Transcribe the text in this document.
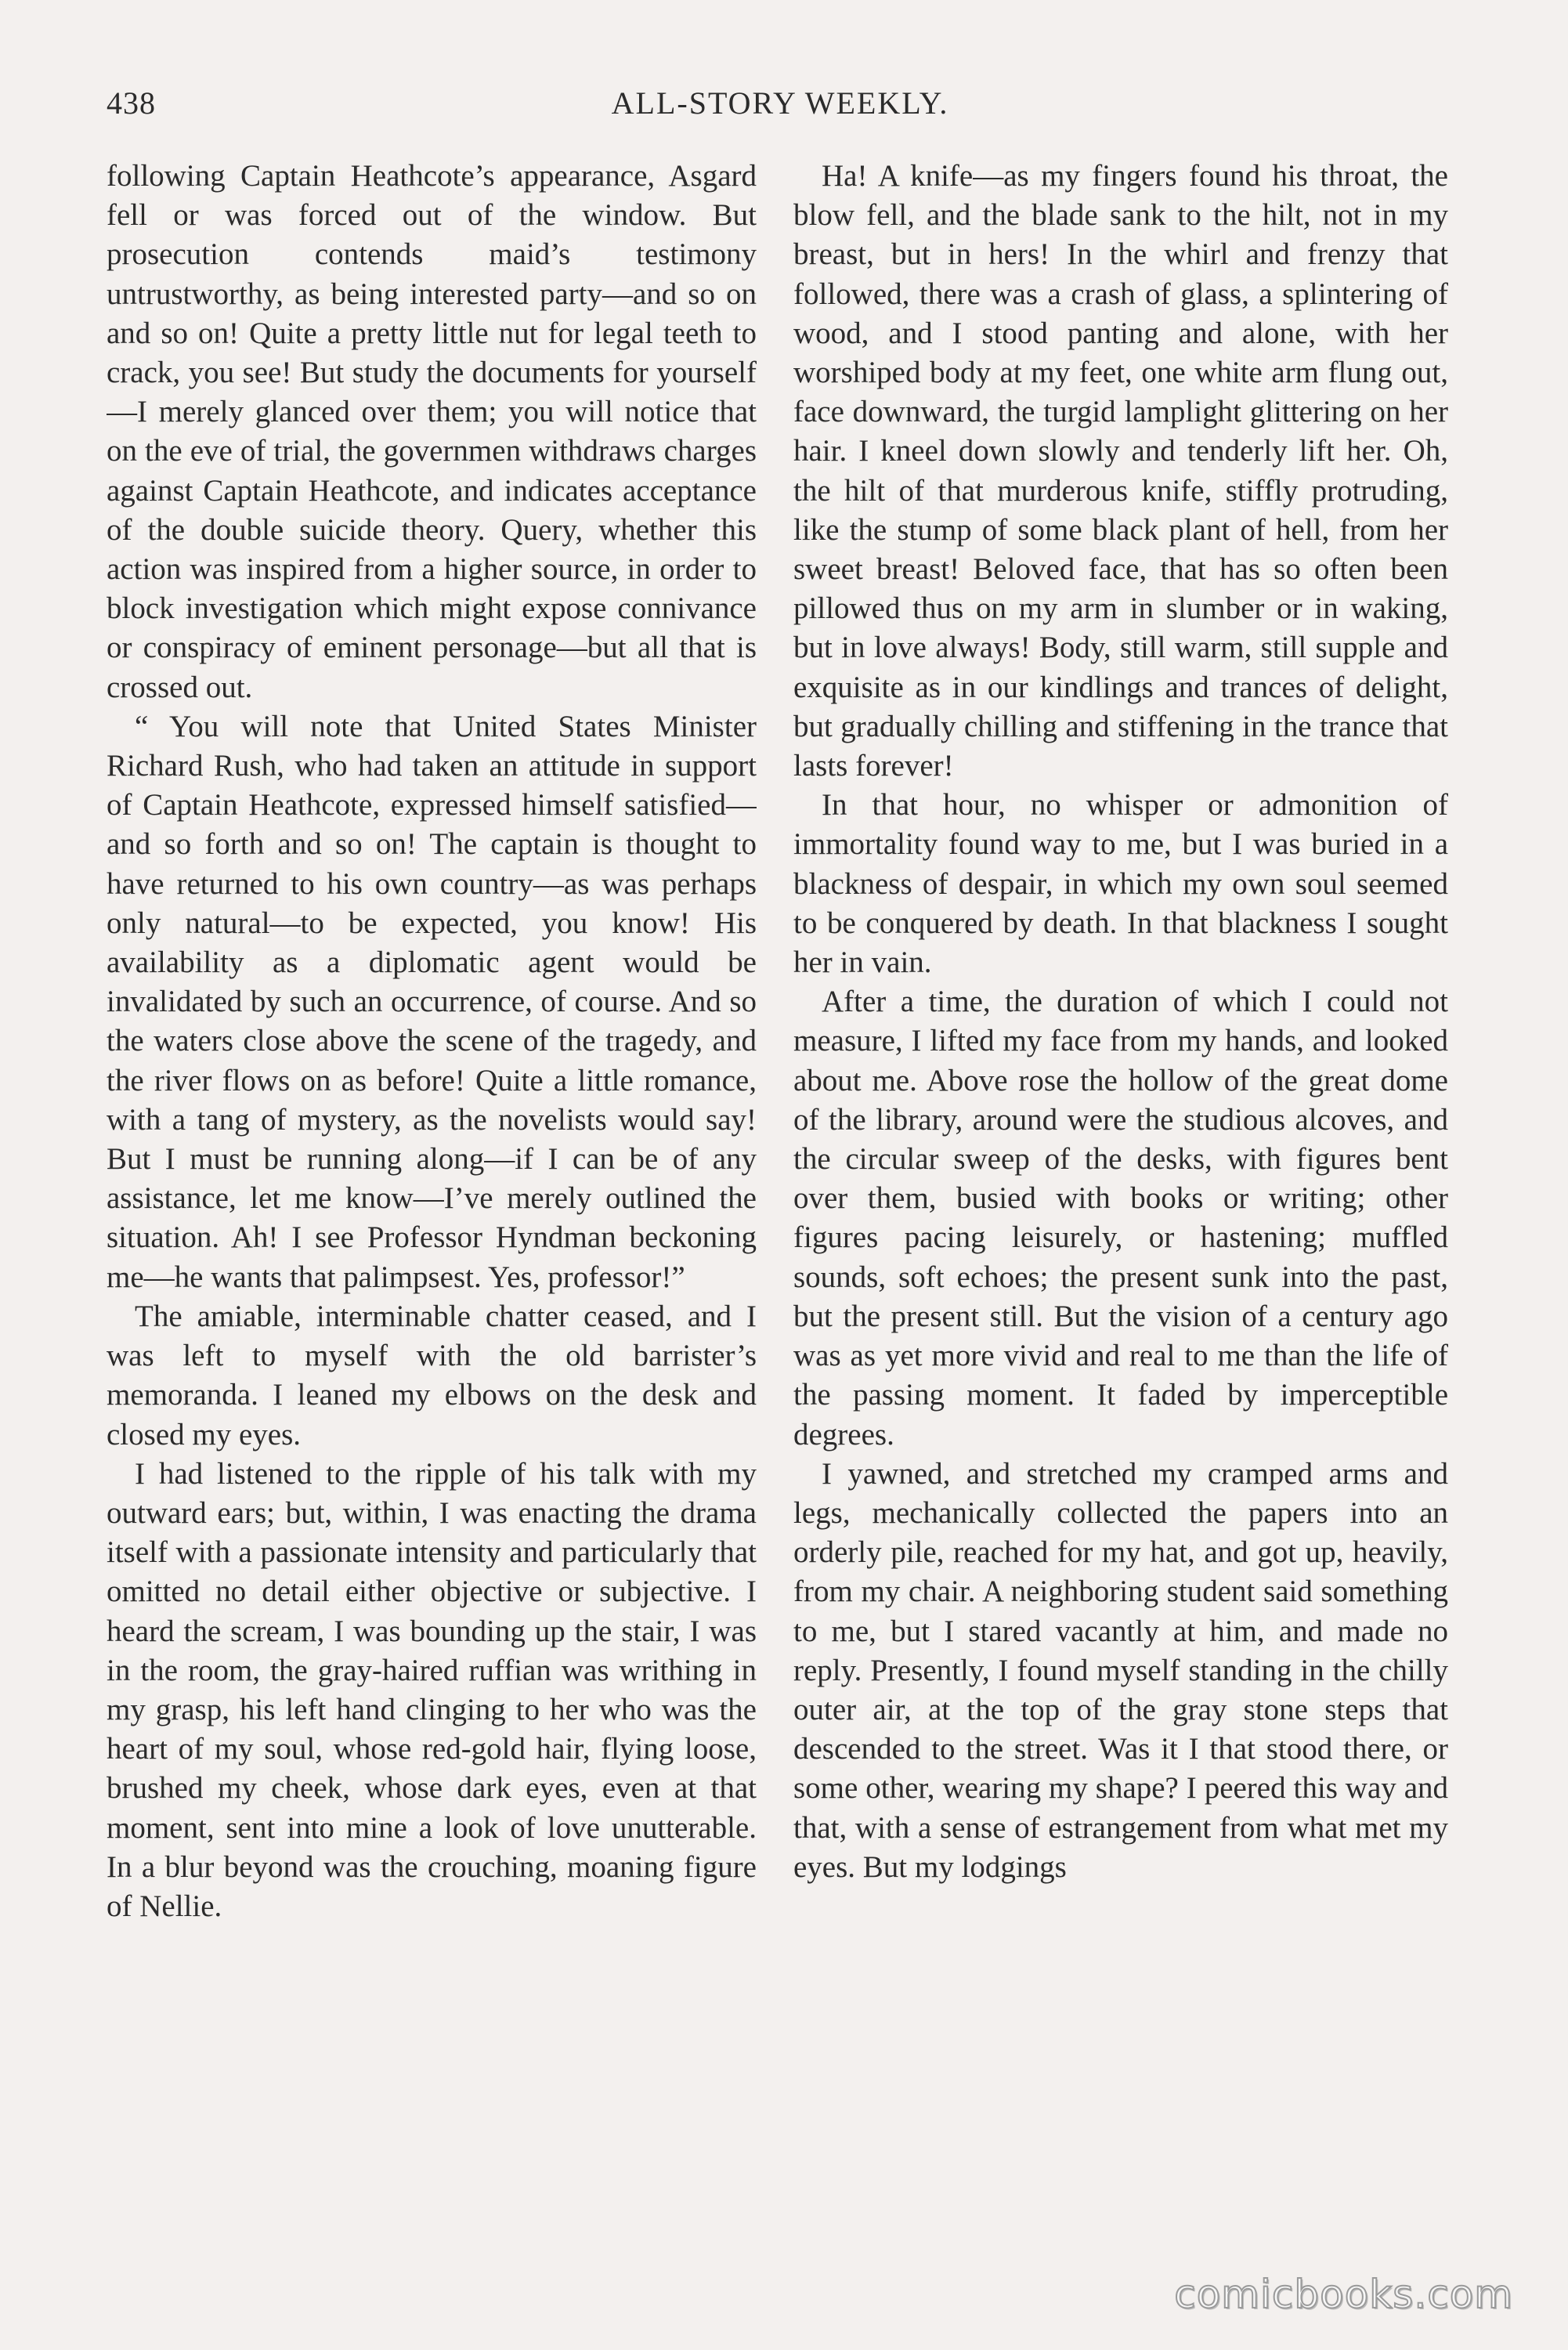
438	ALL-STORY WEEKLY.

following Captain Heathcote’s appearance, Asgard fell or was forced out of the window. But prosecution contends maid’s testimony untrustworthy, as being interested party—and so on and so on! Quite a pretty little nut for legal teeth to crack, you see! But study the documents for yourself—I merely glanced over them; you will notice that on the eve of trial, the governmen withdraws charges against Captain Heathcote, and indicates acceptance of the double suicide theory. Query, whether this action was inspired from a higher source, in order to block investigation which might expose connivance or conspiracy of eminent personage—but all that is crossed out.

“ You will note that United States Minister Richard Rush, who had taken an attitude in support of Captain Heathcote, expressed himself satisfied—and so forth and so on! The captain is thought to have returned to his own country—as was perhaps only natural—to be expected, you know! His availability as a diplomatic agent would be invalidated by such an occurrence, of course. And so the waters close above the scene of the tragedy, and the river flows on as before! Quite a little romance, with a tang of mystery, as the novelists would say! But I must be running along—if I can be of any assistance, let me know—I’ve merely outlined the situation. Ah! I see Professor Hyndman beckoning me—he wants that palimpsest. Yes, professor!”

The amiable, interminable chatter ceased, and I was left to myself with the old barrister’s memoranda. I leaned my elbows on the desk and closed my eyes.

I had listened to the ripple of his talk with my outward ears; but, within, I was enacting the drama itself with a passionate intensity and particularly that omitted no detail either objective or subjective. I heard the scream, I was bounding up the stair, I was in the room, the gray-haired ruffian was writhing in my grasp, his left hand clinging to her who was the heart of my soul, whose red-gold hair, flying loose, brushed my cheek, whose dark eyes, even at that moment, sent into mine a look of love unutterable. In a blur beyond was the crouching, moaning figure of Nellie.

Ha! A knife—as my fingers found his throat, the blow fell, and the blade sank to the hilt, not in my breast, but in hers! In the whirl and frenzy that followed, there was a crash of glass, a splintering of wood, and I stood panting and alone, with her worshiped body at my feet, one white arm flung out, face downward, the turgid lamplight glittering on her hair. I kneel down slowly and tenderly lift her. Oh, the hilt of that murderous knife, stiffly protruding, like the stump of some black plant of hell, from her sweet breast! Beloved face, that has so often been pillowed thus on my arm in slumber or in waking, but in love always! Body, still warm, still supple and exquisite as in our kindlings and trances of delight, but gradually chilling and stiffening in the trance that lasts forever!

In that hour, no whisper or admonition of immortality found way to me, but I was buried in a blackness of despair, in which my own soul seemed to be conquered by death. In that blackness I sought her in vain.

After a time, the duration of which I could not measure, I lifted my face from my hands, and looked about me. Above rose the hollow of the great dome of the library, around were the studious alcoves, and the circular sweep of the desks, with figures bent over them, busied with books or writing; other figures pacing leisurely, or hastening; muffled sounds, soft echoes; the present sunk into the past, but the present still. But the vision of a century ago was as yet more vivid and real to me than the life of the passing moment. It faded by imperceptible degrees.

I yawned, and stretched my cramped arms and legs, mechanically collected the papers into an orderly pile, reached for my hat, and got up, heavily, from my chair. A neighboring student said something to me, but I stared vacantly at him, and made no reply. Presently, I found myself standing in the chilly outer air, at the top of the gray stone steps that descended to the street. Was it I that stood there, or some other, wearing my shape? I peered this way and that, with a sense of estrangement from what met my eyes. But my lodgings

comicbooks.com
